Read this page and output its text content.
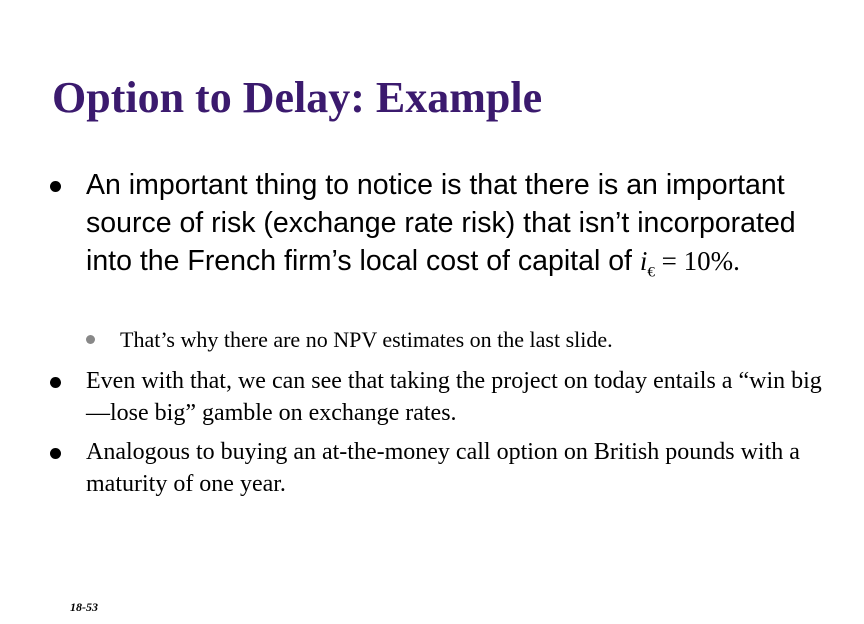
Option to Delay: Example
An important thing to notice is that there is an important source of risk (exchange rate risk) that isn’t incorporated into the French firm’s local cost of capital of $i_€ = 10\%$.
That’s why there are no NPV estimates on the last slide.
Even with that, we can see that taking the project on today entails a “win big—lose big” gamble on exchange rates.
Analogous to buying an at-the-money call option on British pounds with a maturity of one year.
18-53
